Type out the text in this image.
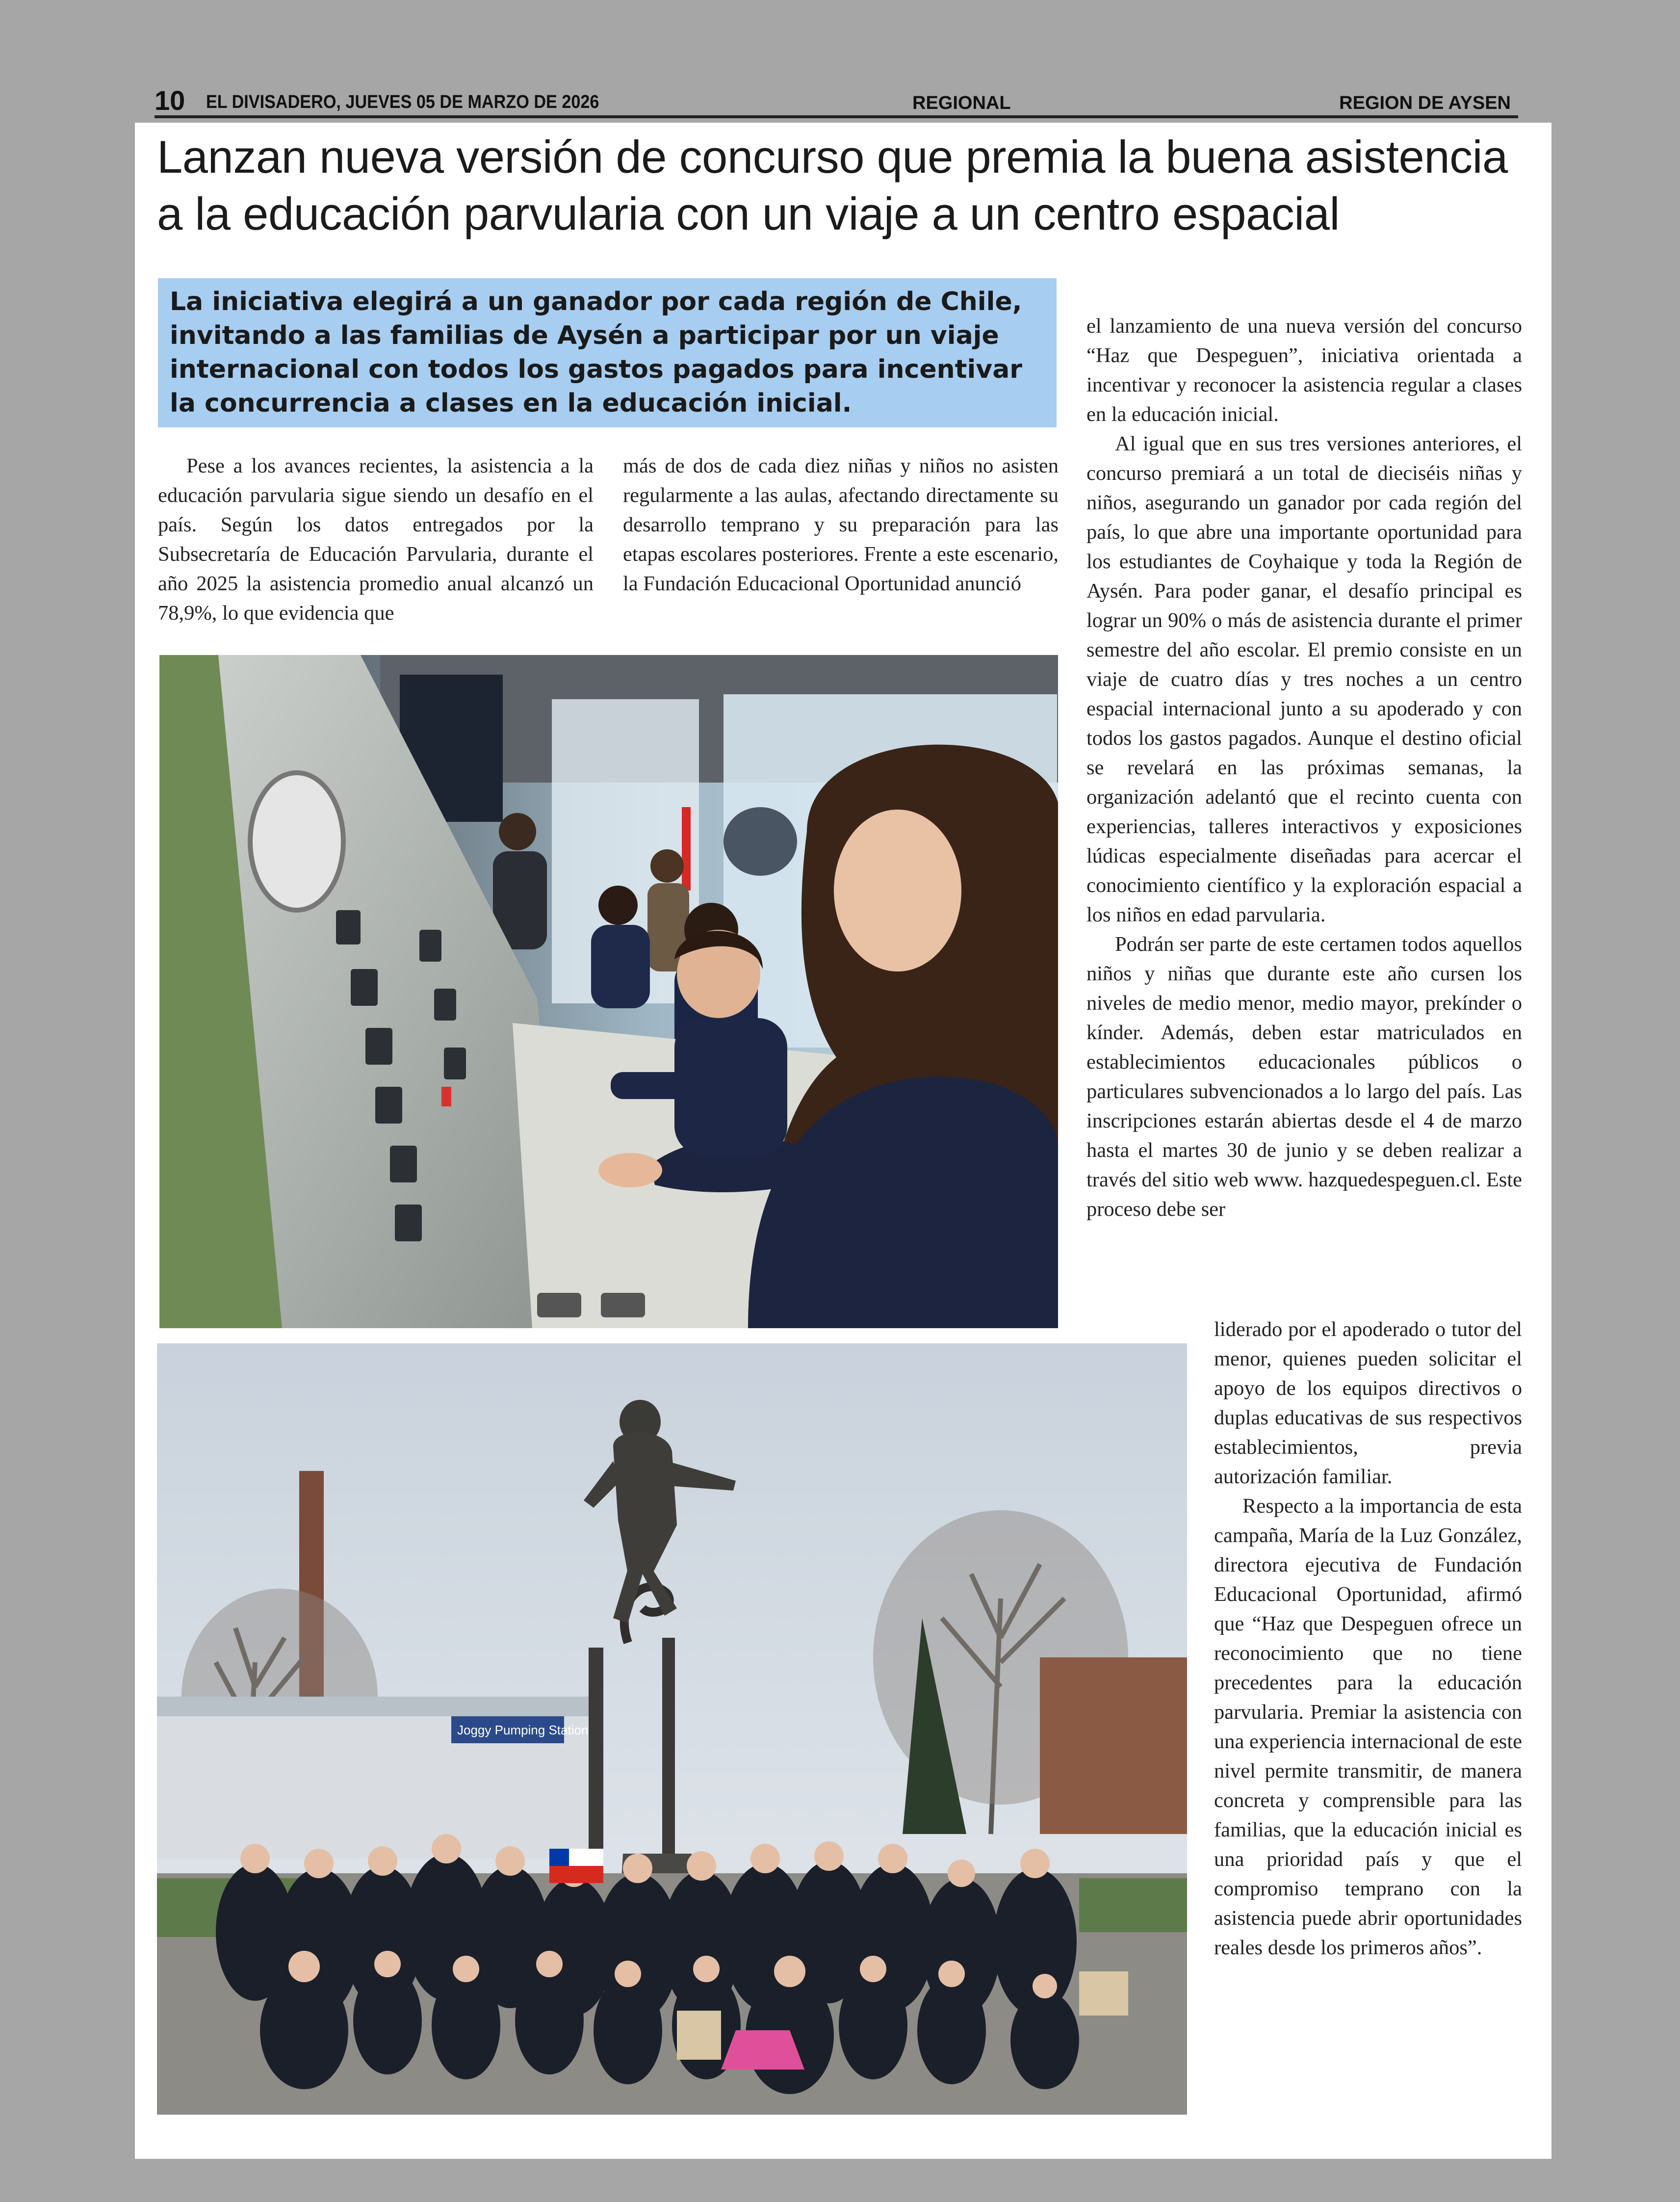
10 EL DIVISADERO, JUEVES 05 DE MARZO DE 2026	REGIONAL	REGION DE AYSEN
Lanzan nueva versión de concurso que premia la buena asistencia a la educación parvularia con un viaje a un centro espacial
La iniciativa elegirá a un ganador por cada región de Chile, invitando a las familias de Aysén a participar por un viaje internacional con todos los gastos pagados para incentivar la concurrencia a clases en la educación inicial.

Pese a los avances recientes, la asistencia a la educación parvularia sigue siendo un desafío en el país. Según los datos entregados por la Subsecretaría de Educación Parvularia, durante el año 2025 la asistencia promedio anual alcanzó un 78,9%, lo que evidencia que

más de dos de cada diez niñas y niños no asisten regularmente a las aulas, afectando directamente su desarrollo temprano y su preparación para las etapas escolares posteriores. Frente a este escenario, la Fundación Educacional Oportunidad anunció

el lanzamiento de una nueva versión del concurso “Haz que Despeguen”, iniciativa orientada a incentivar y reconocer la asistencia regular a clases en la educación inicial.

Al igual que en sus tres versiones anteriores, el concurso premiará a un total de dieciséis niñas y niños, asegurando un ganador por cada región del país, lo que abre una importante oportunidad para los estudiantes de Coyhaique y toda la Región de Aysén. Para poder ganar, el desafío principal es lograr un 90% o más de asistencia durante el primer semestre del año escolar. El premio consiste en un viaje de cuatro días y tres noches a un centro espacial internacional junto a su apoderado y con todos los gastos pagados. Aunque el destino oficial se revelará en las próximas semanas, la organización adelantó que el recinto cuenta con experiencias, talleres interactivos y exposiciones lúdicas especialmente diseñadas para acercar el conocimiento científico y la exploración espacial a los niños en edad parvularia.

Podrán ser parte de este certamen todos aquellos niños y niñas que durante este año cursen los niveles de medio menor, medio mayor, prekínder o kínder. Además, deben estar matriculados en establecimientos educacionales públicos o particulares subvencionados a lo largo del país. Las inscripciones estarán abiertas desde el 4 de marzo hasta el martes 30 de junio y se deben realizar a través del sitio web www. hazquedespeguen.cl. Este proceso debe ser

liderado por el apoderado o tutor del menor, quienes pueden solicitar el apoyo de los equipos directivos o duplas educativas de sus respectivos establecimientos, previa autorización familiar.

Respecto a la importancia de esta campaña, María de la Luz González, directora ejecutiva de Fundación Educacional Oportunidad, afirmó que “Haz que Despeguen ofrece un reconocimiento que no tiene precedentes para la educación parvularia. Premiar la asistencia con una experiencia internacional de este nivel permite transmitir, de manera concreta y comprensible para las familias, que la educación inicial es una prioridad país y que el compromiso temprano con la asistencia puede abrir oportunidades reales desde los primeros años”.

Joggy Pumping Station
